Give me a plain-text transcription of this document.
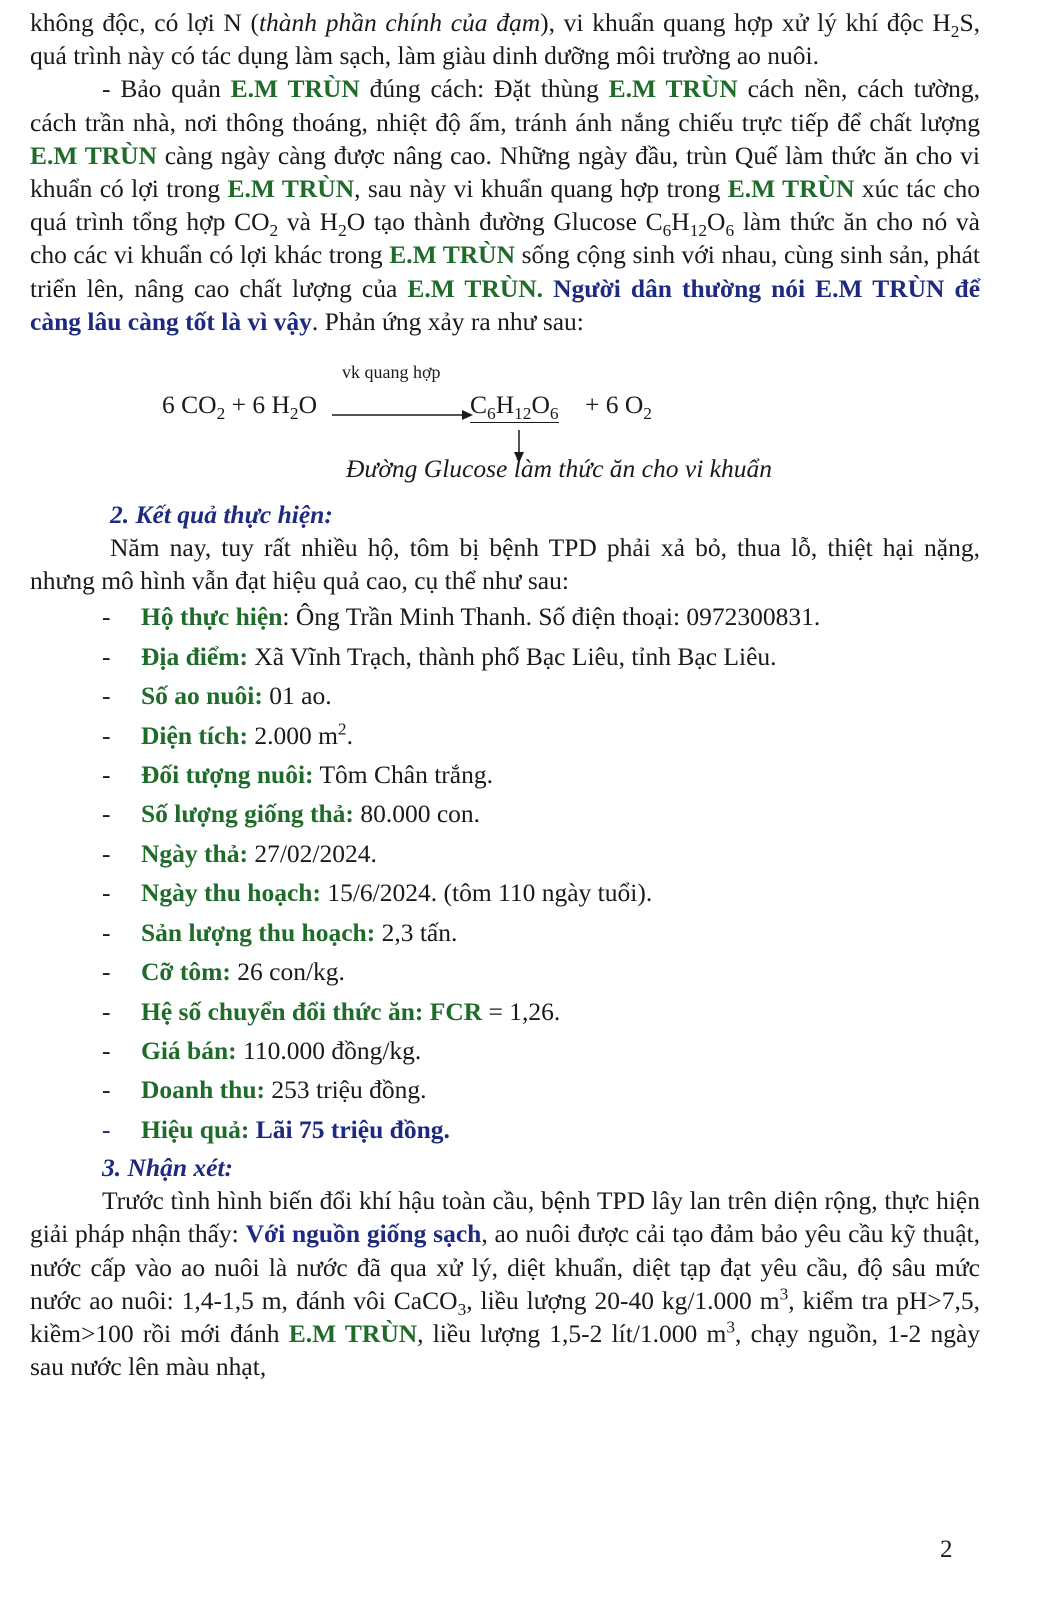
không độc, có lợi N (thành phần chính của đạm), vi khuẩn quang hợp xử lý khí độc $H_2S$, quá trình này có tác dụng làm sạch, làm giàu dinh dưỡng môi trường ao nuôi.

- Bảo quản E.M TRÙN đúng cách: Đặt thùng E.M TRÙN cách nền, cách tường, cách trần nhà, nơi thông thoáng, nhiệt độ ấm, tránh ánh nắng chiếu trực tiếp để chất lượng E.M TRÙN càng ngày càng được nâng cao. Những ngày đầu, trùn Quế làm thức ăn cho vi khuẩn có lợi trong E.M TRÙN, sau này vi khuẩn quang hợp trong E.M TRÙN xúc tác cho quá trình tổng hợp $CO_2$ và $H_2O$ tạo thành đường Glucose $C_6H_{12}O_6$ làm thức ăn cho nó và cho các vi khuẩn có lợi khác trong E.M TRÙN sống cộng sinh với nhau, cùng sinh sản, phát triển lên, nâng cao chất lượng của E.M TRÙN. Người dân thường nói E.M TRÙN để càng lâu càng tốt là vì vậy. Phản ứng xảy ra như sau:

6 $CO_2 + 6$ $H_2O$
vk quang hợp
$C_6H_{12}O_6 + 6$ $O_2$
Đường Glucose làm thức ăn cho vi khuẩn

2. Kết quả thực hiện:

Năm nay, tuy rất nhiều hộ, tôm bị bệnh TPD phải xả bỏ, thua lỗ, thiệt hại nặng, nhưng mô hình vẫn đạt hiệu quả cao, cụ thể như sau:

- Hộ thực hiện: Ông Trần Minh Thanh. Số điện thoại: 0972300831.
- Địa điểm: Xã Vĩnh Trạch, thành phố Bạc Liêu, tỉnh Bạc Liêu.
- Số ao nuôi: 01 ao.
- Diện tích: 2.000 $m^2$.
- Đối tượng nuôi: Tôm Chân trắng.
- Số lượng giống thả: 80.000 con.
- Ngày thả: 27/02/2024.
- Ngày thu hoạch: 15/6/2024. (tôm 110 ngày tuổi).
- Sản lượng thu hoạch: 2,3 tấn.
- Cỡ tôm: 26 con/kg.
- Hệ số chuyển đổi thức ăn: FCR = 1,26.
- Giá bán: 110.000 đồng/kg.
- Doanh thu: 253 triệu đồng.
- Hiệu quả: Lãi 75 triệu đồng.

3. Nhận xét:

Trước tình hình biến đổi khí hậu toàn cầu, bệnh TPD lây lan trên diện rộng, thực hiện giải pháp nhận thấy: Với nguồn giống sạch, ao nuôi được cải tạo đảm bảo yêu cầu kỹ thuật, nước cấp vào ao nuôi là nước đã qua xử lý, diệt khuẩn, diệt tạp đạt yêu cầu, độ sâu mức nước ao nuôi: 1,4-1,5 m, đánh vôi CaCO$_3$, liều lượng 20-40 kg/1.000 $m^3$, kiểm tra pH>7,5, kiềm>100 rồi mới đánh E.M TRÙN, liều lượng 1,5-2 lít/1.000 $m^3$, chạy nguồn, 1-2 ngày sau nước lên màu nhạt,

2
